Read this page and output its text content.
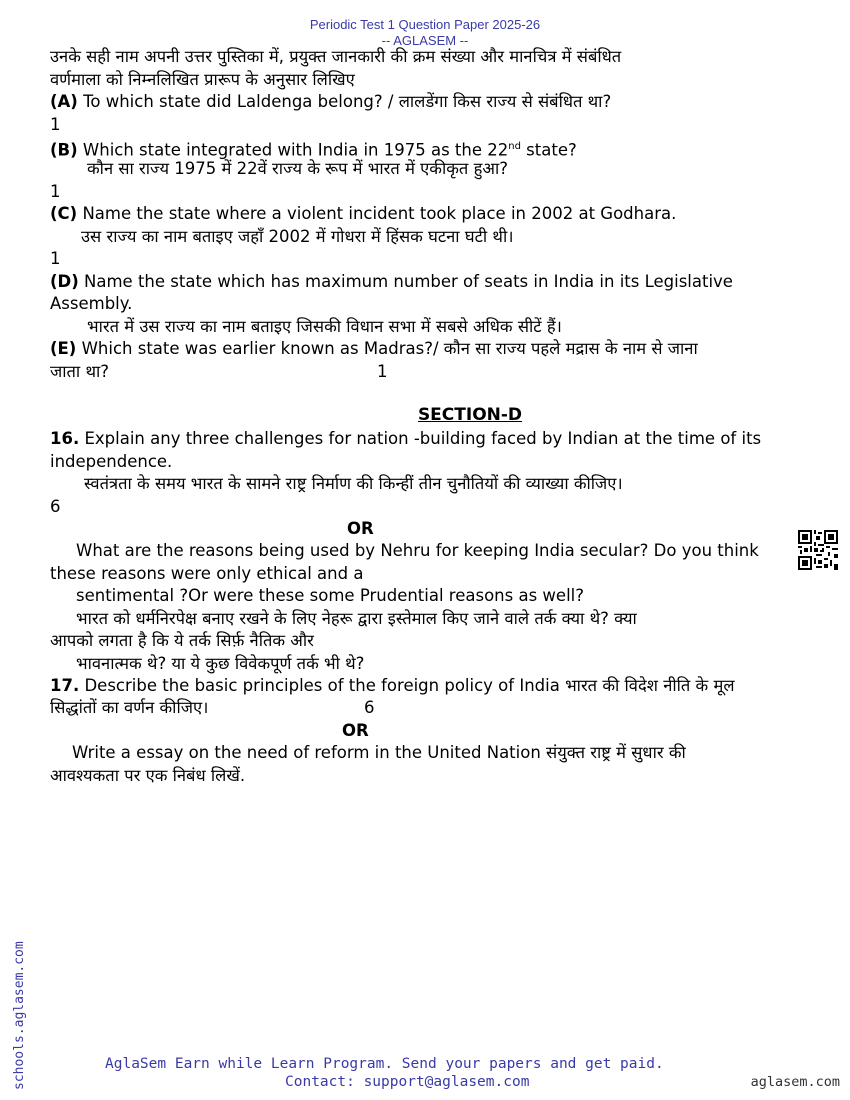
Periodic Test 1 Question Paper 2025-26
-- AGLASEM --
उनके सही नाम अपनी उत्तर पुस्तिका में, प्रयुक्त जानकारी की क्रम संख्या और मानचित्र में संबंधित
वर्णमाला को निम्नलिखित प्रारूप के अनुसार लिखिए
(A) To which state did Laldenga belong? / लालडेंगा किस राज्य से संबंधित था?
1
(B) Which state integrated with India in 1975 as the 22nd state?
कौन सा राज्य 1975 में 22वें राज्य के रूप में भारत में एकीकृत हुआ?
1
(C) Name the state where a violent incident took place in 2002 at Godhara.
उस राज्य का नाम बताइए जहाँ 2002 में गोधरा में हिंसक घटना घटी थी।
1
(D) Name the state which has maximum number of seats in India in its Legislative
Assembly.
भारत में उस राज्य का नाम बताइए जिसकी विधान सभा में सबसे अधिक सीटें हैं।
(E) Which state was earlier known as Madras?/ कौन सा राज्य पहले मद्रास के नाम से जाना
जाता था?	1
SECTION-D
16. Explain any three challenges for nation -building faced by Indian at the time of its
independence.
स्वतंत्रता के समय भारत के सामने राष्ट्र निर्माण की किन्हीं तीन चुनौतियों की व्याख्या कीजिए।
6
OR
What are the reasons being used by Nehru for keeping India secular? Do you think
these reasons were only ethical and a
sentimental ?Or were these some Prudential reasons as well?
भारत को धर्मनिरपेक्ष बनाए रखने के लिए नेहरू द्वारा इस्तेमाल किए जाने वाले तर्क क्या थे? क्या
आपको लगता है कि ये तर्क सिर्फ़ नैतिक और
भावनात्मक थे? या ये कुछ विवेकपूर्ण तर्क भी थे?
17. Describe the basic principles of the foreign policy of India भारत की विदेश नीति के मूल
सिद्धांतों का वर्णन कीजिए।	6
OR
Write a essay on the need of reform in the United Nation संयुक्त राष्ट्र में सुधार की
आवश्यकता पर एक निबंध लिखें.
schools.aglasem.com	AglaSem Earn while Learn Program. Send your papers and get paid.
Contact: support@aglasem.com	aglasem.com
